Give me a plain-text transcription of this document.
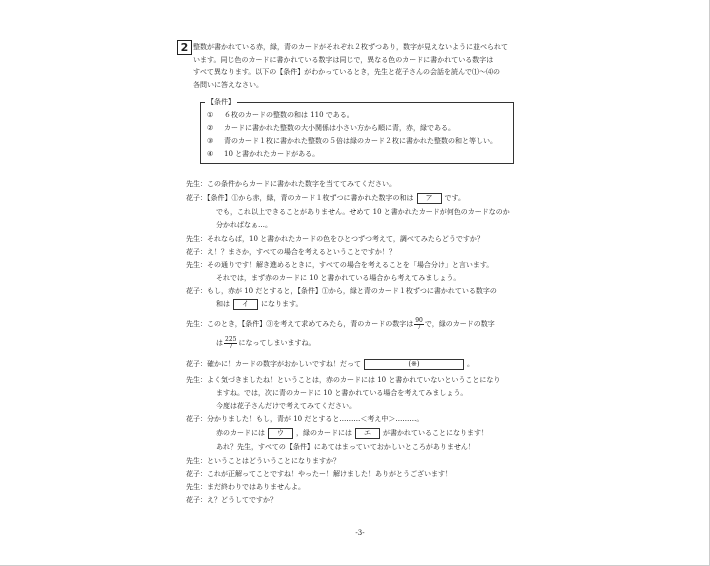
2 整数が書かれている赤，緑，青のカードがそれぞれ２枚ずつあり，数字が見えないように並べられて
います。同じ色のカードに書かれている数字は同じで，異なる色のカードに書かれている数字は
すべて異なります。以下の【条件】がわかっているとき，先生と花子さんの会話を読んで⑴～⑷の
各問いに答えなさい。
① ６枚のカードの整数の和は 110 である。
② カードに書かれた整数の大小関係は小さい方から順に青，赤，緑である。
③ 青のカード１枚に書かれた整数の５倍は緑のカード２枚に書かれた整数の和と等しい。
④ 10 と書かれたカードがある。
【条件】
先生：この条件からカードに書かれた数字を当ててみてください。
花子：【条件】①から赤，緑，青のカード１枚ずつに書かれた数字の和は ア です。
でも，これ以上できることがありません。せめて 10 と書かれたカードが何色のカードなのか
分かればなぁ…。
先生：それならば，10 と書かれたカードの色をひとつずつ考えて，調べてみたらどうですか？
花子：え！？まさか，すべての場合を考えるということですか！？
先生：その通りです！解き進めるときに，すべての場合を考えることを「場合分け」と言います。
それでは，まず赤のカードに 10 と書かれている場合から考えてみましょう。
花子：もし，赤が 10 だとすると，【条件】①から，緑と青のカード１枚ずつに書かれている数字の
和は イ になります。
先生：このとき，【条件】③を考えて求めてみたら，青のカードの数字は $\frac{90}{7}$ で，緑のカードの数字
は $\frac{225}{7}$ になってしまいますね。
花子：確かに！カードの数字がおかしいですね！だって	(※)	。
先生：よく気づきましたね！ということは，赤のカードには 10 と書かれていないということになり
ますね。では，次に青のカードに 10 と書かれている場合を考えてみましょう。
今度は花子さんだけで考えてみてください。
花子：分かりました！もし，青が 10 だとすると………＜考え中＞………。
赤のカードには ウ ，緑のカードには エ が書かれていることになります！
あれ？先生，すべての【条件】にあてはまっていておかしいところがありません！
先生：ということはどういうことになりますか？
花子：これが正解ってことですね！やったー！解けました！ありがとうございます！
先生：まだ終わりではありませんよ。
花子：え？どうしてですか？
-3-
